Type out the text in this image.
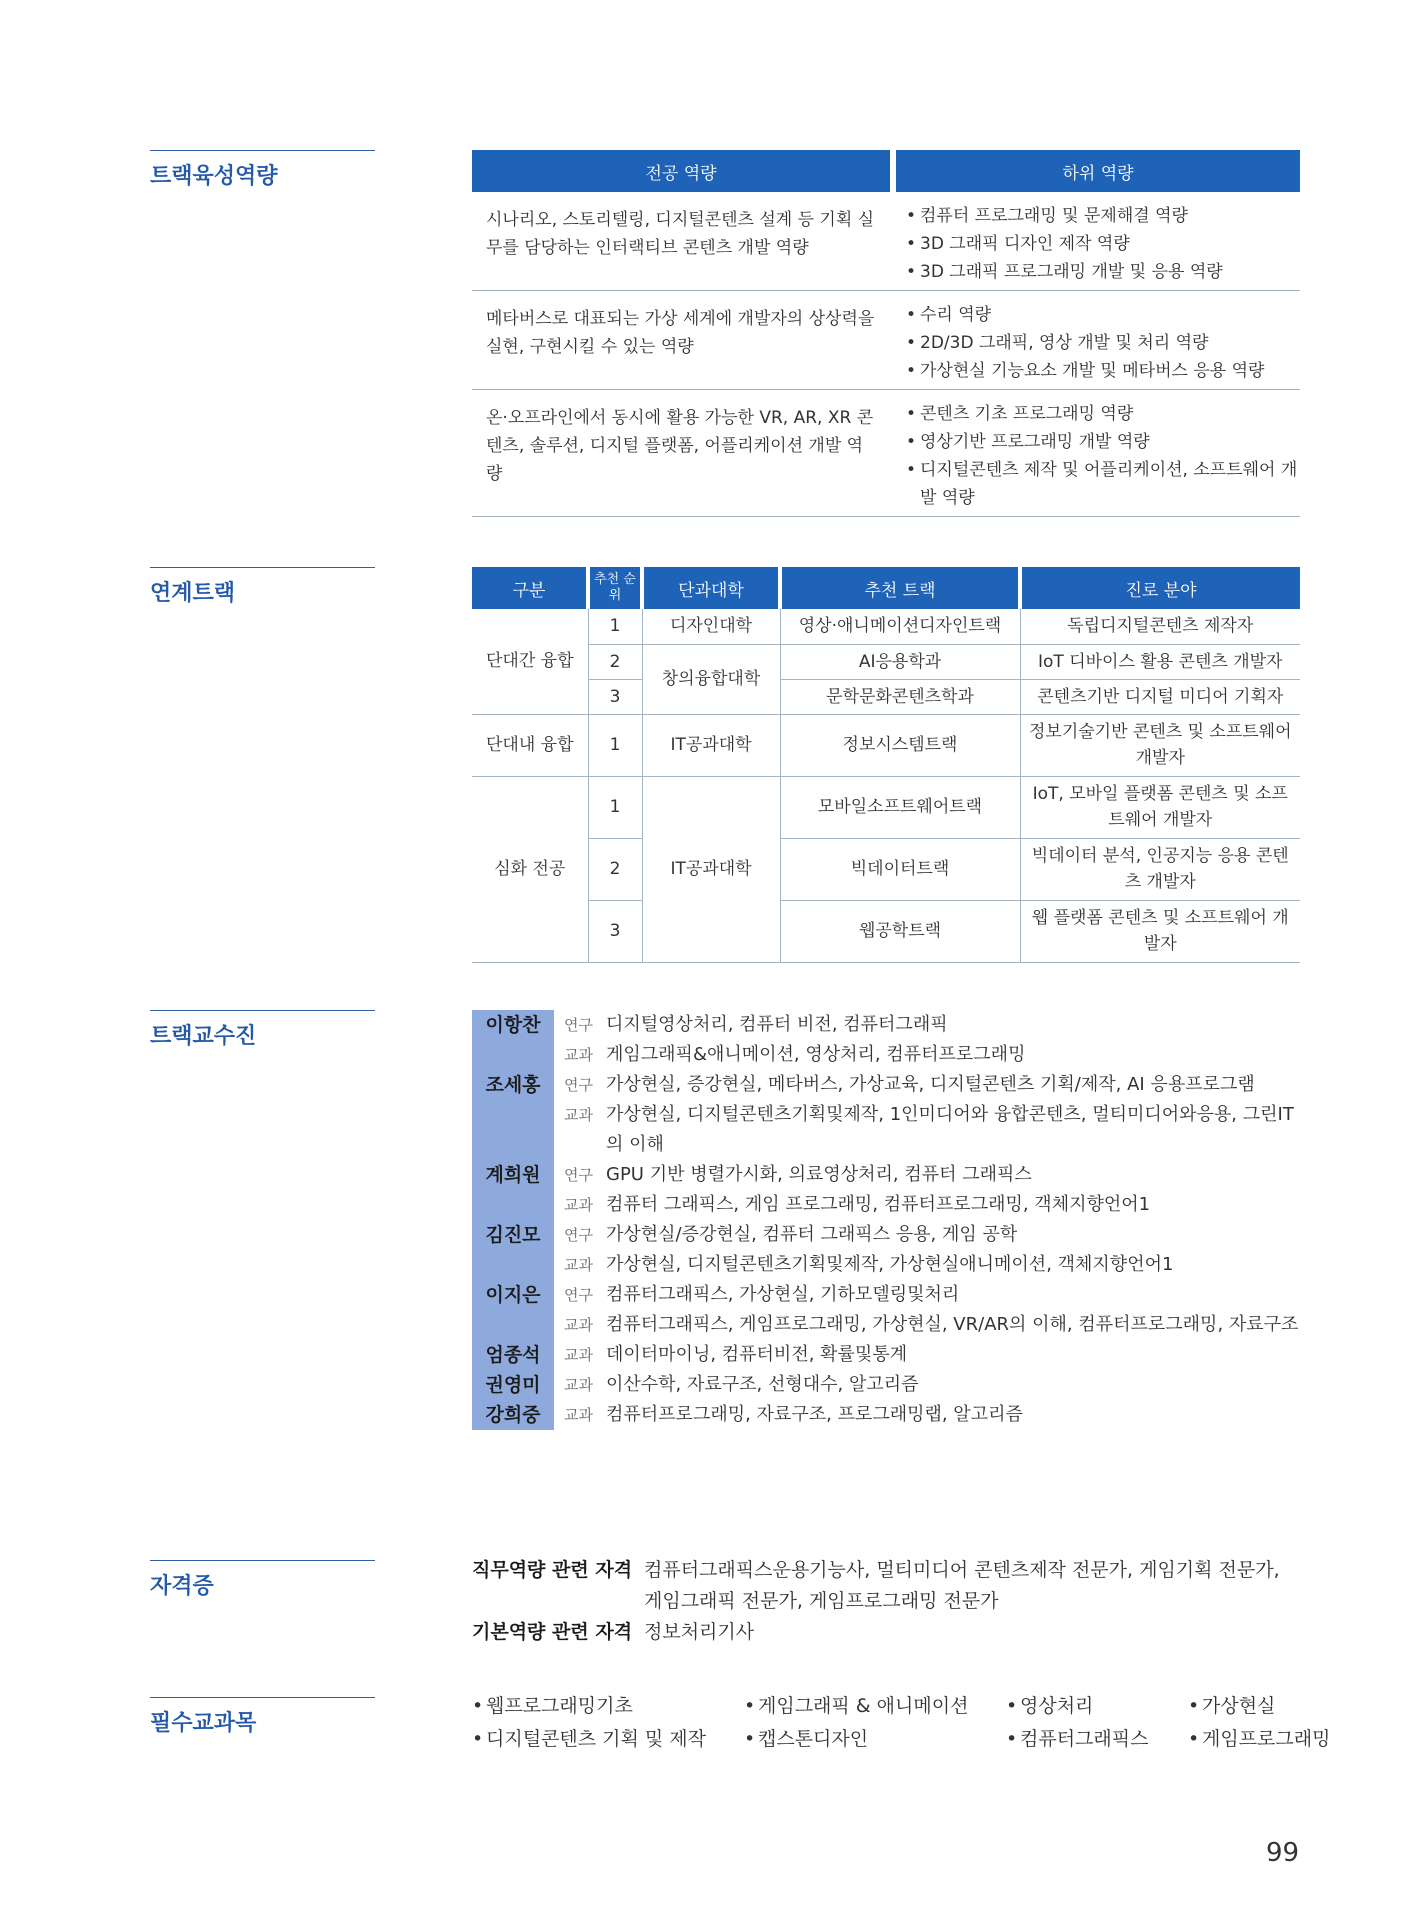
트랙육성역량
연계트랙
트랙교수진
자격증
필수교과목
전공 역량	하위 역량
시나리오, 스토리텔링, 디지털콘텐츠 설계 등 기획 실무를 담당하는 인터랙티브 콘텐츠 개발 역량
• 컴퓨터 프로그래밍 및 문제해결 역량
• 3D 그래픽 디자인 제작 역량
• 3D 그래픽 프로그래밍 개발 및 응용 역량
메타버스로 대표되는 가상 세계에 개발자의 상상력을 실현, 구현시킬 수 있는 역량
• 수리 역량
• 2D/3D 그래픽, 영상 개발 및 처리 역량
• 가상현실 기능요소 개발 및 메타버스 응용 역량
온·오프라인에서 동시에 활용 가능한 VR, AR, XR 콘텐츠, 솔루션, 디지털 플랫폼, 어플리케이션 개발 역량
• 콘텐츠 기초 프로그래밍 역량
• 영상기반 프로그래밍 개발 역량
• 디지털콘텐츠 제작 및 어플리케이션, 소프트웨어 개발 역량
구분	추천 순위	단과대학	추천 트랙	진로 분야
단대간 융합	1	디자인대학	영상·애니메이션디자인트랙	독립디지털콘텐츠 제작자
	2	창의융합대학	AI응용학과	IoT 디바이스 활용 콘텐츠 개발자
	3		문학문화콘텐츠학과	콘텐츠기반 디지털 미디어 기획자
단대내 융합	1	IT공과대학	정보시스템트랙	정보기술기반 콘텐츠 및 소프트웨어 개발자
심화 전공	1	IT공과대학	모바일소프트웨어트랙	IoT, 모바일 플랫폼 콘텐츠 및 소프트웨어 개발자
	2		빅데이터트랙	빅데이터 분석, 인공지능 응용 콘텐츠 개발자
	3		웹공학트랙	웹 플랫폼 콘텐츠 및 소프트웨어 개발자
이항찬	연구 디지털영상처리, 컴퓨터 비전, 컴퓨터그래픽
교과 게임그래픽&애니메이션, 영상처리, 컴퓨터프로그래밍
조세홍	연구 가상현실, 증강현실, 메타버스, 가상교육, 디지털콘텐츠 기획/제작, AI 응용프로그램
교과 가상현실, 디지털콘텐츠기획및제작, 1인미디어와 융합콘텐츠, 멀티미디어와응용, 그린IT의 이해
계희원	연구 GPU 기반 병렬가시화, 의료영상처리, 컴퓨터 그래픽스
교과 컴퓨터 그래픽스, 게임 프로그래밍, 컴퓨터프로그래밍, 객체지향언어1
김진모	연구 가상현실/증강현실, 컴퓨터 그래픽스 응용, 게임 공학
교과 가상현실, 디지털콘텐츠기획및제작, 가상현실애니메이션, 객체지향언어1
이지은	연구 컴퓨터그래픽스, 가상현실, 기하모델링및처리
교과 컴퓨터그래픽스, 게임프로그래밍, 가상현실, VR/AR의 이해, 컴퓨터프로그래밍, 자료구조
엄종석	교과 데이터마이닝, 컴퓨터비전, 확률및통계
권영미	교과 이산수학, 자료구조, 선형대수, 알고리즘
강희중	교과 컴퓨터프로그래밍, 자료구조, 프로그래밍랩, 알고리즘
직무역량 관련 자격 컴퓨터그래픽스운용기능사, 멀티미디어 콘텐츠제작 전문가, 게임기획 전문가, 게임그래픽 전문가, 게임프로그래밍 전문가
기본역량 관련 자격 정보처리기사
• 웹프로그래밍기초	• 게임그래픽 & 애니메이션	• 영상처리	• 가상현실
• 디지털콘텐츠 기획 및 제작	• 캡스톤디자인	• 컴퓨터그래픽스	• 게임프로그래밍
99
